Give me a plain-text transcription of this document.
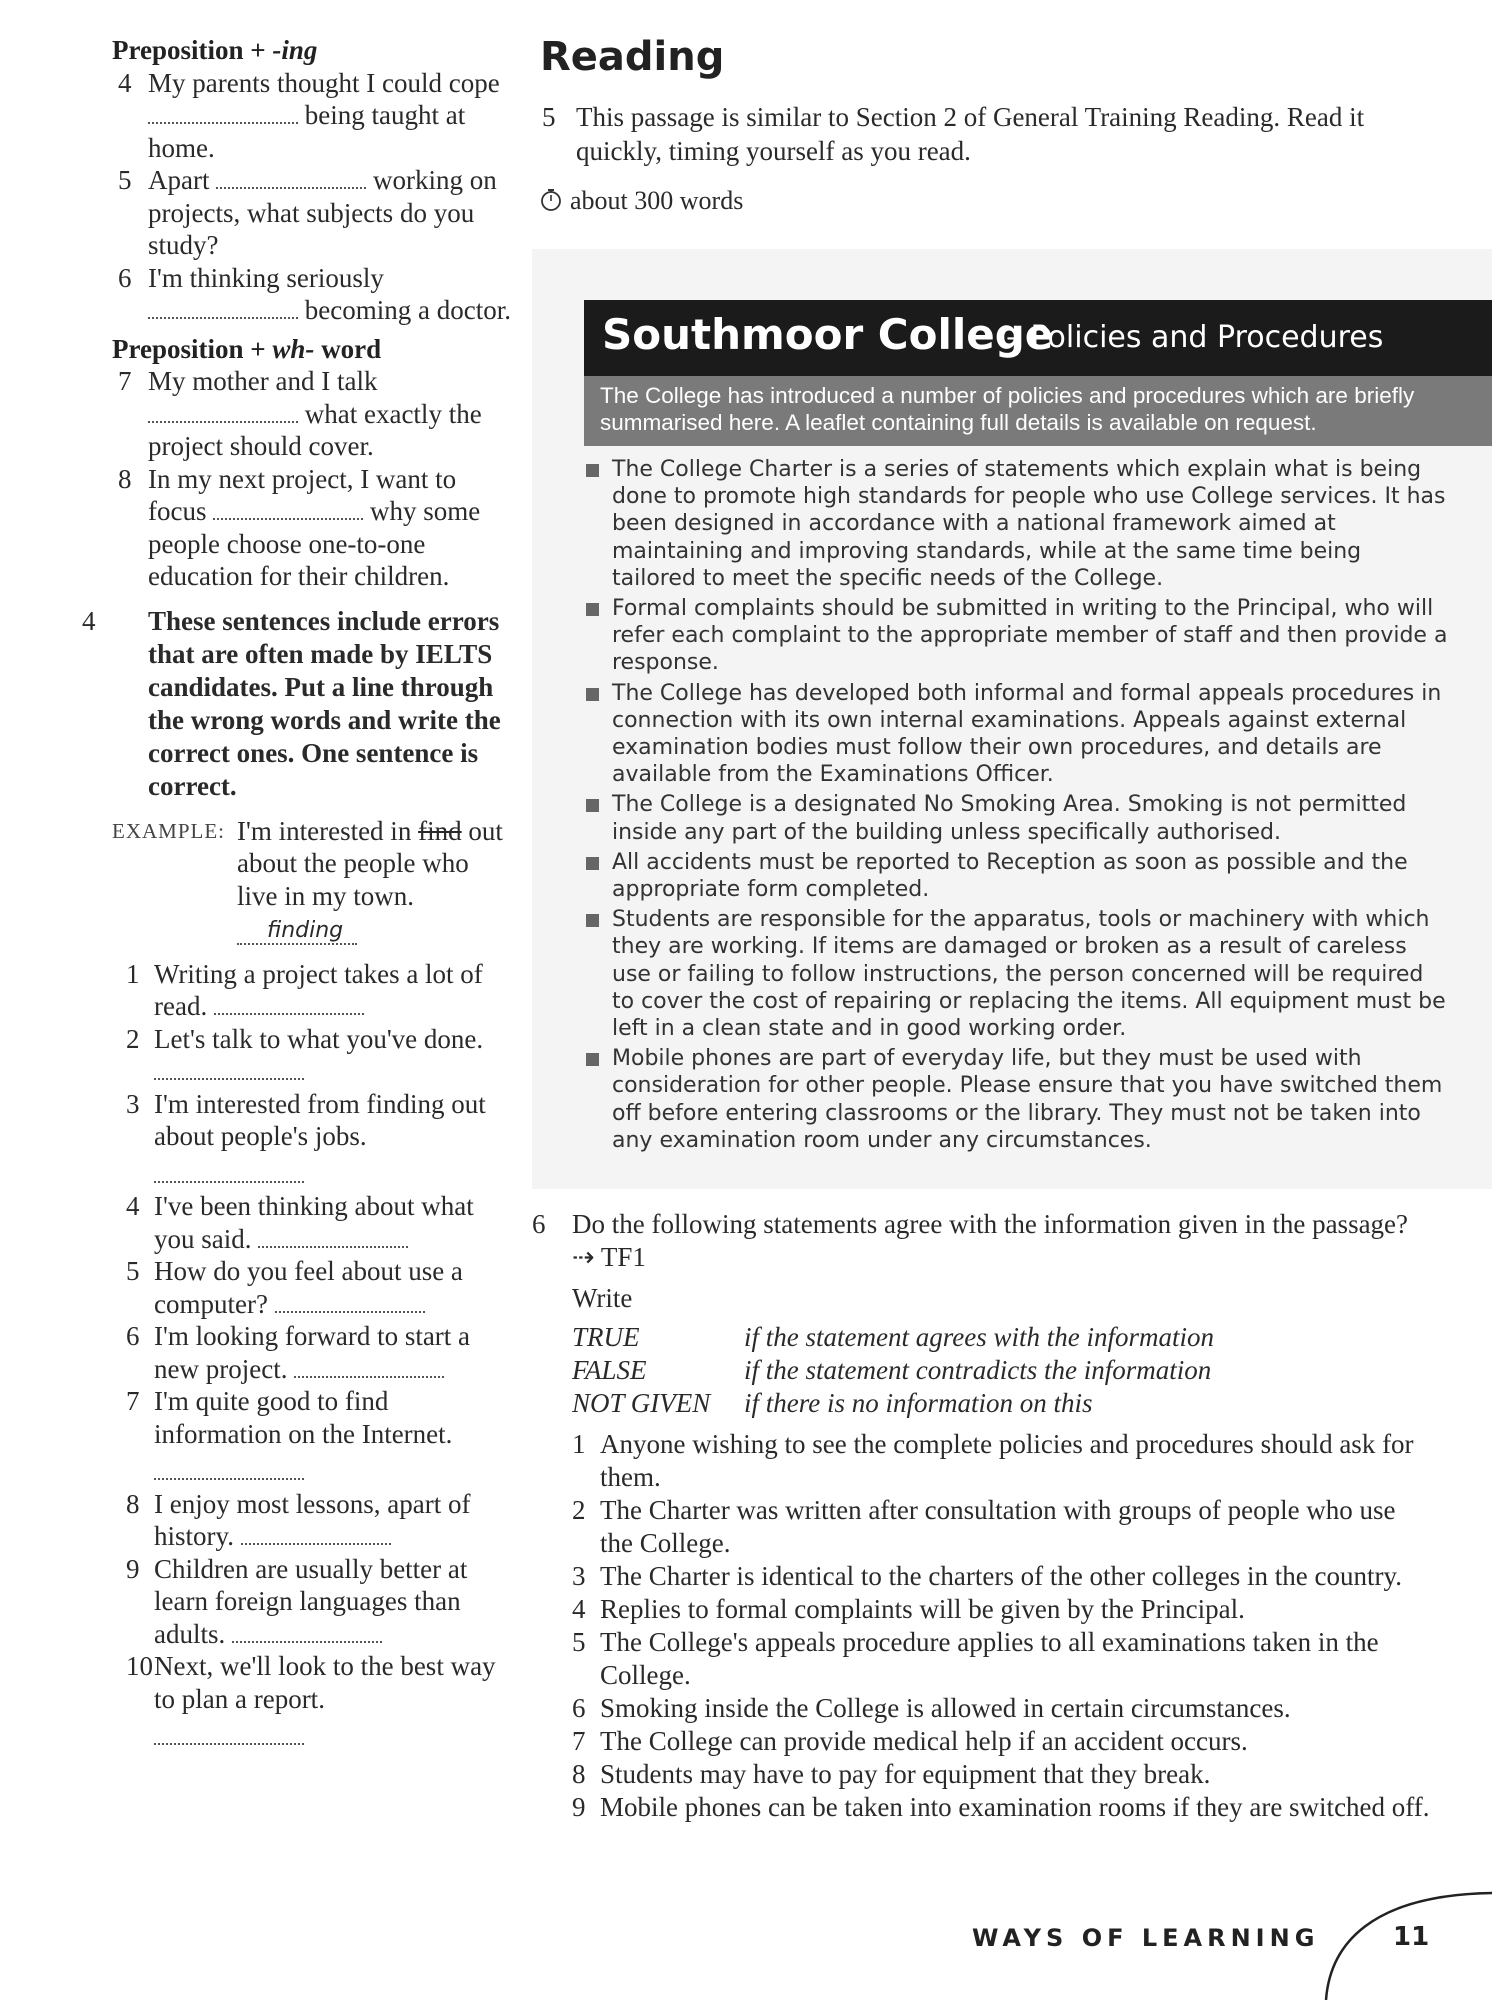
Preposition + -ing
4 My parents thought I could cope  being taught at home.
5 Apart	working on projects, what subjects do you study?
6 I'm thinking seriously  becoming a doctor.
Preposition + wh- word
7 My mother and I talk  what exactly the project should cover.
8 In my next project, I want to focus	why some people choose one-to-one education for their children.
4 These sentences include errors that are often made by IELTS candidates. Put a line through the wrong words and write the correct ones. One sentence is correct.
EXAMPLE: I'm interested in find out about the people who live in my town.
finding
1 Writing a project takes a lot of read.
2 Let's talk to what you've done.
3 I'm interested from finding out about people's jobs.

4 I've been thinking about what you said.
5 How do you feel about use a computer?
6 I'm looking forward to start a new project.
7 I'm quite good to find information on the Internet.

8 I enjoy most lessons, apart of history.
9 Children are usually better at learn foreign languages than adults.
10 Next, we'll look to the best way to plan a report.

Reading
5 This passage is similar to Section 2 of General Training Reading. Read it quickly, timing yourself as you read.
about 300 words
Southmoor College
– Policies and Procedures
The College has introduced a number of policies and procedures which are briefly summarised here. A leaflet containing full details is available on request.
The College Charter is a series of statements which explain what is being done to promote high standards for people who use College services. It has been designed in accordance with a national framework aimed at maintaining and improving standards, while at the same time being tailored to meet the specific needs of the College.
Formal complaints should be submitted in writing to the Principal, who will refer each complaint to the appropriate member of staff and then provide a response.
The College has developed both informal and formal appeals procedures in connection with its own internal examinations. Appeals against external examination bodies must follow their own procedures, and details are available from the Examinations Officer.
The College is a designated No Smoking Area. Smoking is not permitted inside any part of the building unless specifically authorised.
All accidents must be reported to Reception as soon as possible and the appropriate form completed.
Students are responsible for the apparatus, tools or machinery with which they are working. If items are damaged or broken as a result of careless use or failing to follow instructions, the person concerned will be required to cover the cost of repairing or replacing the items. All equipment must be left in a clean state and in good working order.
Mobile phones are part of everyday life, but they must be used with consideration for other people. Please ensure that you have switched them off before entering classrooms or the library. They must not be taken into any examination room under any circumstances.
6 Do the following statements agree with the information given in the passage? ⇢ TF1
Write
TRUE	if the statement agrees with the information
FALSE	if the statement contradicts the information
NOT GIVEN	if there is no information on this
1 Anyone wishing to see the complete policies and procedures should ask for them.
2 The Charter was written after consultation with groups of people who use the College.
3 The Charter is identical to the charters of the other colleges in the country.
4 Replies to formal complaints will be given by the Principal.
5 The College's appeals procedure applies to all examinations taken in the College.
6 Smoking inside the College is allowed in certain circumstances.
7 The College can provide medical help if an accident occurs.
8 Students may have to pay for equipment that they break.
9 Mobile phones can be taken into examination rooms if they are switched off.
WAYS OF LEARNING	11
